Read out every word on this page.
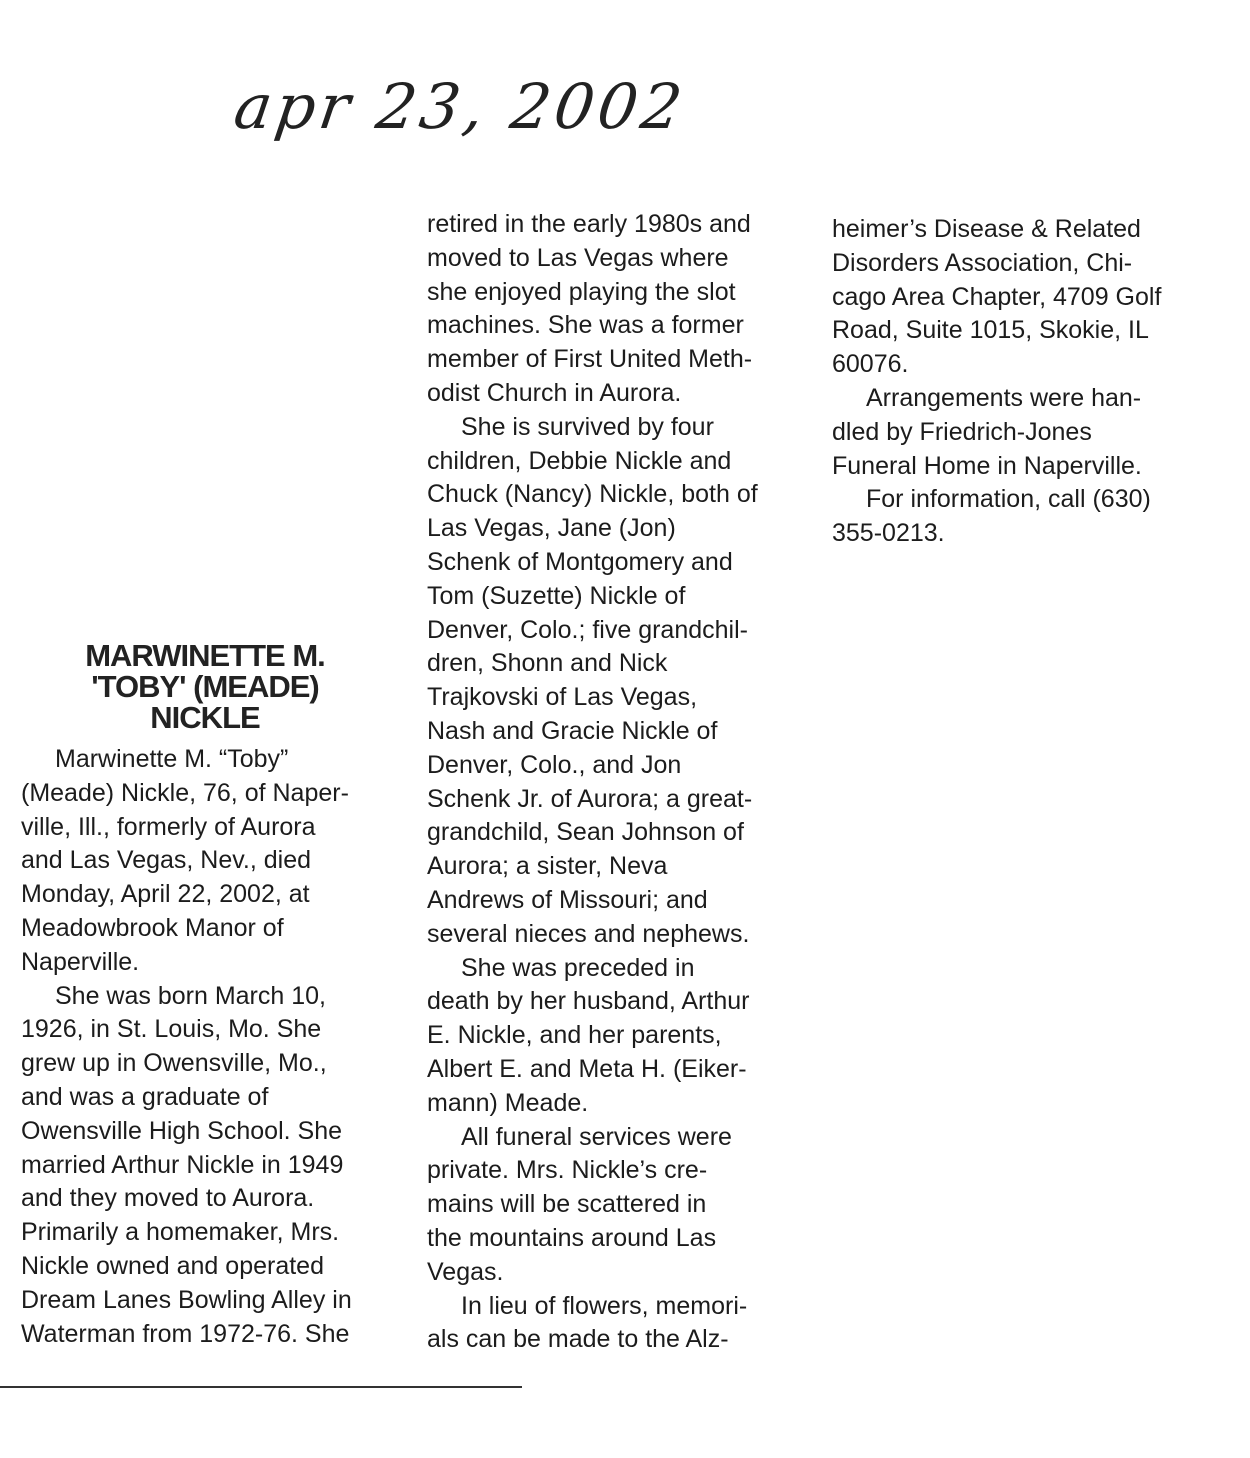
apr 23, 2002
MARWINETTE M.
'TOBY' (MEADE)
NICKLE
Marwinette M. “Toby”
(Meade) Nickle, 76, of Naper-
ville, Ill., formerly of Aurora
and Las Vegas, Nev., died
Monday, April 22, 2002, at
Meadowbrook Manor of
Naperville.
She was born March 10,
1926, in St. Louis, Mo. She
grew up in Owensville, Mo.,
and was a graduate of
Owensville High School. She
married Arthur Nickle in 1949
and they moved to Aurora.
Primarily a homemaker, Mrs.
Nickle owned and operated
Dream Lanes Bowling Alley in
Waterman from 1972-76. She
retired in the early 1980s and
moved to Las Vegas where
she enjoyed playing the slot
machines. She was a former
member of First United Meth-
odist Church in Aurora.
She is survived by four
children, Debbie Nickle and
Chuck (Nancy) Nickle, both of
Las Vegas, Jane (Jon)
Schenk of Montgomery and
Tom (Suzette) Nickle of
Denver, Colo.; five grandchil-
dren, Shonn and Nick
Trajkovski of Las Vegas,
Nash and Gracie Nickle of
Denver, Colo., and Jon
Schenk Jr. of Aurora; a great-
grandchild, Sean Johnson of
Aurora; a sister, Neva
Andrews of Missouri; and
several nieces and nephews.
She was preceded in
death by her husband, Arthur
E. Nickle, and her parents,
Albert E. and Meta H. (Eiker-
mann) Meade.
All funeral services were
private. Mrs. Nickle’s cre-
mains will be scattered in
the mountains around Las
Vegas.
In lieu of flowers, memori-
als can be made to the Alz-
heimer’s Disease & Related
Disorders Association, Chi-
cago Area Chapter, 4709 Golf
Road, Suite 1015, Skokie, IL
60076.
Arrangements were han-
dled by Friedrich-Jones
Funeral Home in Naperville.
For information, call (630)
355-0213.
